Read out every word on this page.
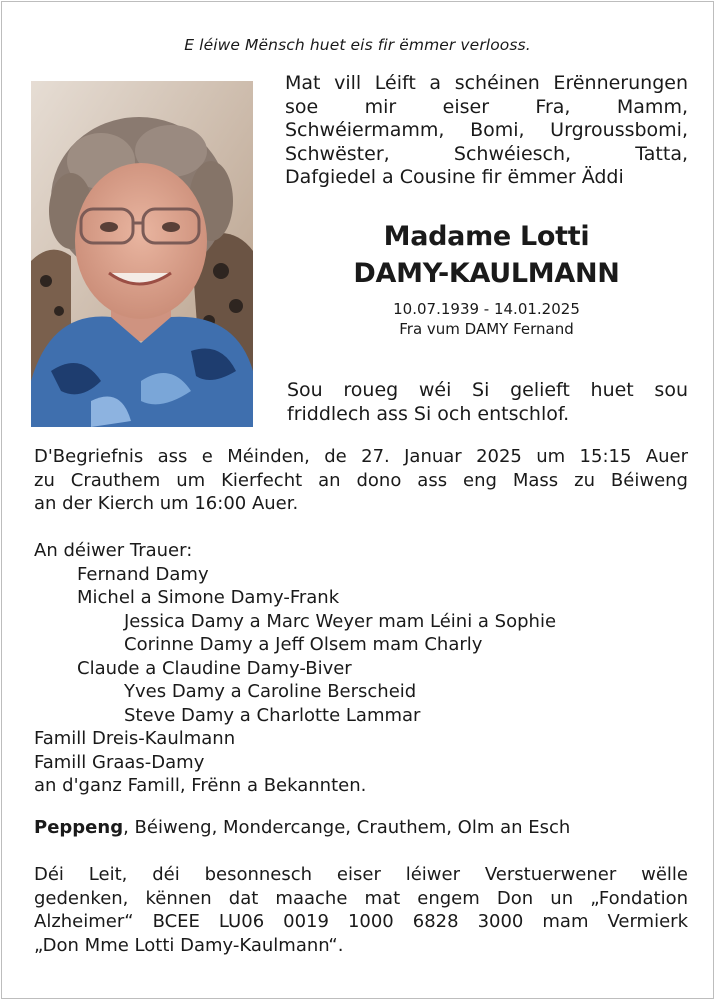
E léiwe Mënsch huet eis fir ëmmer verlooss.
Mat vill Léift a schéinen Erënnerungen
soe mir eiser Fra, Mamm,
Schwéiermamm, Bomi, Urgroussbomi,
Schwëster, Schwéiesch, Tatta,
Dafgiedel a Cousine fir ëmmer Äddi
Madame Lotti
DAMY-KAULMANN
10.07.1939 - 14.01.2025
Fra vum DAMY Fernand
Sou roueg wéi Si gelieft huet sou
friddlech ass Si och entschlof.
D'Begriefnis ass e Méinden, de 27. Januar 2025 um 15:15 Auer
zu Crauthem um Kierfecht an dono ass eng Mass zu Béiweng
an der Kierch um 16:00 Auer.
An déiwer Trauer:
Fernand Damy
Michel a Simone Damy-Frank
Jessica Damy a Marc Weyer mam Léini a Sophie
Corinne Damy a Jeff Olsem mam Charly
Claude a Claudine Damy-Biver
Yves Damy a Caroline Berscheid
Steve Damy a Charlotte Lammar
Famill Dreis-Kaulmann
Famill Graas-Damy
an d'ganz Famill, Frënn a Bekannten.
Peppeng, Béiweng, Mondercange, Crauthem, Olm an Esch
Déi Leit, déi besonnesch eiser léiwer Verstuerwener wëlle
gedenken, kënnen dat maache mat engem Don un „Fondation
Alzheimer“ BCEE LU06 0019 1000 6828 3000 mam Vermierk
„Don Mme Lotti Damy-Kaulmann“.
